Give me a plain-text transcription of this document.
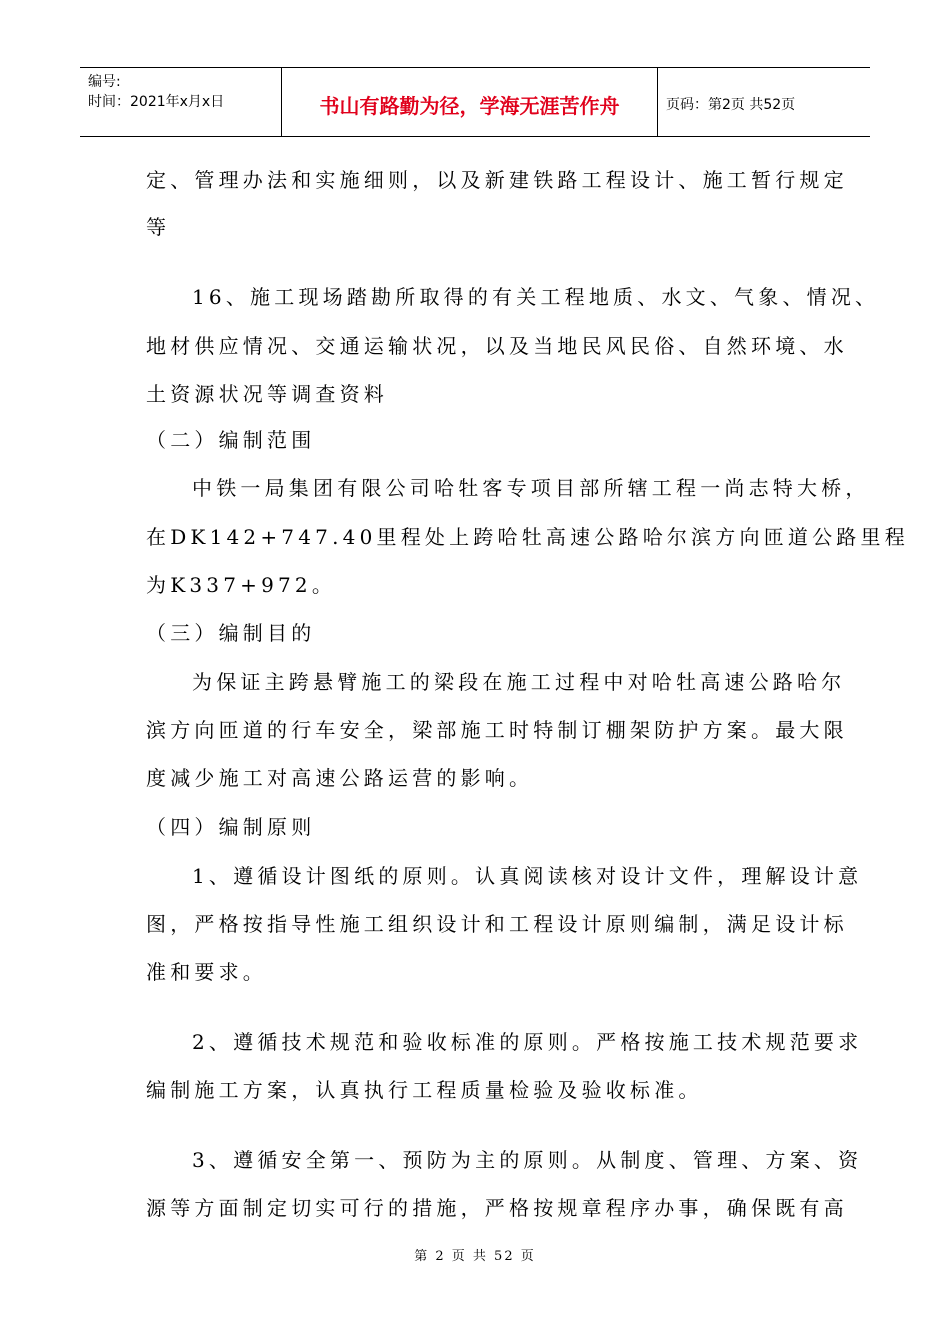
编号:
时间：2021年x月x日	书山有路勤为径，学海无涯苦作舟	页码：第2页 共52页
定、管理办法和实施细则，以及新建铁路工程设计、施工暂行规定
等
16、施工现场踏勘所取得的有关工程地质、水文、气象、情况、
地材供应情况、交通运输状况，以及当地民风民俗、自然环境、水
土资源状况等调查资料
（二）编制范围
中铁一局集团有限公司哈牡客专项目部所辖工程一尚志特大桥，
在DK142+747.40里程处上跨哈牡高速公路哈尔滨方向匝道公路里程
为K337+972。
（三）编制目的
为保证主跨悬臂施工的梁段在施工过程中对哈牡高速公路哈尔
滨方向匝道的行车安全，梁部施工时特制订棚架防护方案。最大限
度减少施工对高速公路运营的影响。
（四）编制原则
1、遵循设计图纸的原则。认真阅读核对设计文件，理解设计意
图，严格按指导性施工组织设计和工程设计原则编制，满足设计标
准和要求。
2、遵循技术规范和验收标准的原则。严格按施工技术规范要求
编制施工方案，认真执行工程质量检验及验收标准。
3、遵循安全第一、预防为主的原则。从制度、管理、方案、资
源等方面制定切实可行的措施，严格按规章程序办事，确保既有高
第 2 页 共 52 页
